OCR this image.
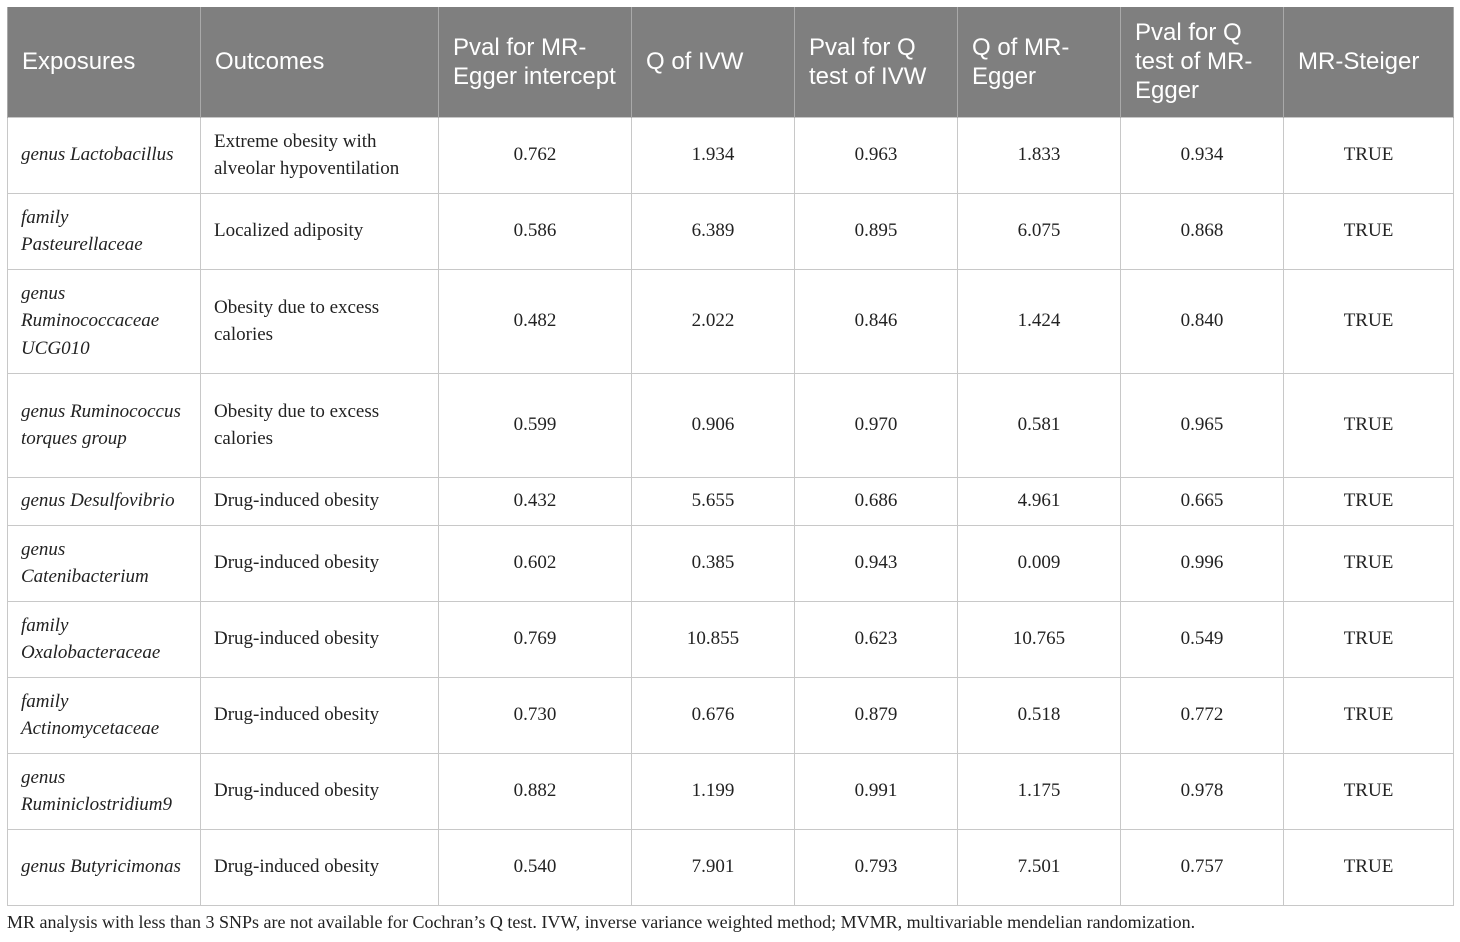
Exposures	Outcomes	Pval for MR-Egger intercept	Q of IVW	Pval for Q test of IVW	Q of MR-Egger	Pval for Q test of MR-Egger	MR-Steiger
genus Lactobacillus	Extreme obesity with alveolar hypoventilation	0.762	1.934	0.963	1.833	0.934	TRUE
family Pasteurellaceae	Localized adiposity	0.586	6.389	0.895	6.075	0.868	TRUE
genus Ruminococcaceae UCG010	Obesity due to excess calories	0.482	2.022	0.846	1.424	0.840	TRUE
genus Ruminococcus torques group	Obesity due to excess calories	0.599	0.906	0.970	0.581	0.965	TRUE
genus Desulfovibrio	Drug-induced obesity	0.432	5.655	0.686	4.961	0.665	TRUE
genus Catenibacterium	Drug-induced obesity	0.602	0.385	0.943	0.009	0.996	TRUE
family Oxalobacteraceae	Drug-induced obesity	0.769	10.855	0.623	10.765	0.549	TRUE
family Actinomycetaceae	Drug-induced obesity	0.730	0.676	0.879	0.518	0.772	TRUE
genus Ruminiclostridium9	Drug-induced obesity	0.882	1.199	0.991	1.175	0.978	TRUE
genus Butyricimonas	Drug-induced obesity	0.540	7.901	0.793	7.501	0.757	TRUE
MR analysis with less than 3 SNPs are not available for Cochran’s Q test. IVW, inverse variance weighted method; MVMR, multivariable mendelian randomization.
